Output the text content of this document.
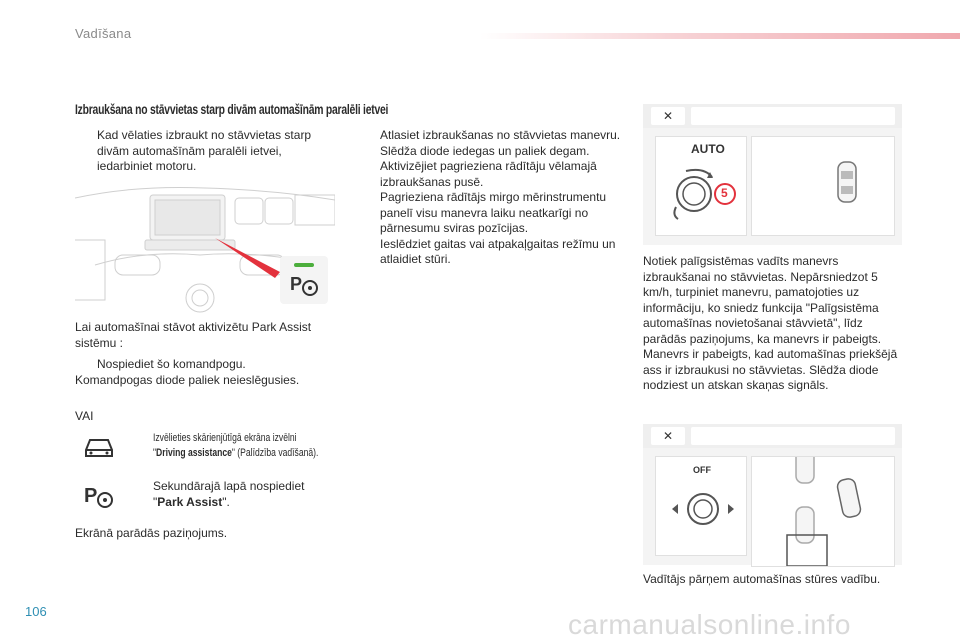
Vadīšana
Izbraukšana no stāvvietas starp divām automašīnām paralēli ietvei
Kad vēlaties izbraukt no stāvvietas starp divām automašīnām paralēli ietvei, iedarbiniet motoru.
P
Lai automašīnai stāvot aktivizētu Park Assist sistēmu :
Nospiediet šo komandpogu.
Komandpogas diode paliek neieslēgusies.
VAI
Izvēlieties skārienjūtīgā ekrāna izvēlni
"Driving assistance" (Palīdzība vadīšanā).
P	Sekundārajā lapā nospiediet
"Park Assist".
Ekrānā parādās paziņojums.
Atlasiet izbraukšanas no stāvvietas manevru.
Slēdža diode iedegas un paliek degam.
Aktivizējiet pagrieziena rādītāju vēlamajā izbraukšanas pusē.
Pagrieziena rādītājs mirgo mērinstrumentu panelī visu manevra laiku neatkarīgi no pārnesumu sviras pozīcijas.
Ieslēdziet gaitas vai atpakaļgaitas režīmu un atlaidiet stūri.
✕
AUTO
5
Notiek palīgsistēmas vadīts manevrs izbraukšanai no stāvvietas. Nepārsniedzot 5 km/h, turpiniet manevru, pamatojoties uz informāciju, ko sniedz funkcija "Palīgsistēma automašīnas novietošanai stāvvietā", līdz parādās paziņojums, ka manevrs ir pabeigts. Manevrs ir pabeigts, kad automašīnas priekšējā ass ir izbraukusi no stāvvietas. Slēdža diode nodziest un atskan skaņas signāls.
✕
OFF
Vadītājs pārņem automašīnas stūres vadību.
106	carmanualsonline.info
